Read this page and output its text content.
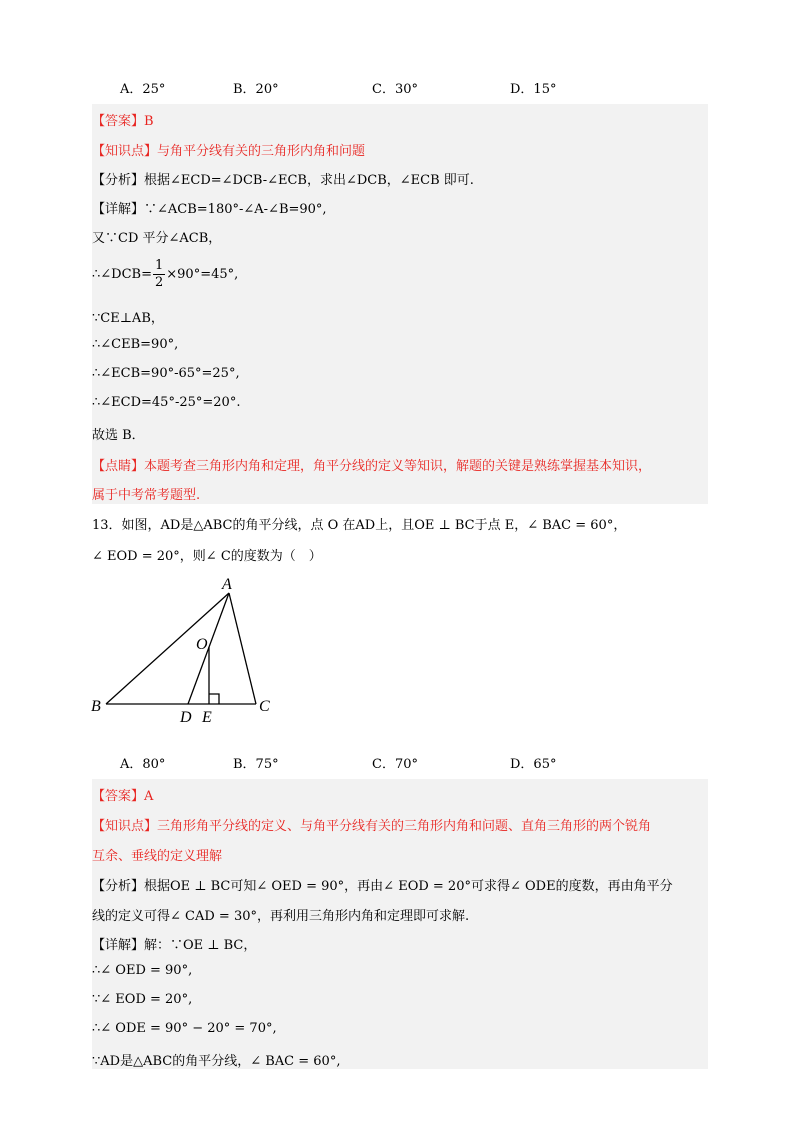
A．25°	B．20°	C．30°	D．15°
【答案】B
【知识点】与角平分线有关的三角形内角和问题
【分析】根据∠ECD=∠DCB-∠ECB，求出∠DCB，∠ECB 即可.
【详解】∵∠ACB=180°-∠A-∠B=90°,
又∵CD 平分∠ACB，
∴∠DCB= $\frac{1}{2} \times 90^\circ=45^\circ$,
∵CE⊥AB，
∴∠CEB=90°,
∴∠ECB=90°-65°=25°,
∴∠ECD=45°-25°=20°.
故选 B．
【点睛】本题考查三角形内角和定理，角平分线的定义等知识，解题的关键是熟练掌握基本知识，
属于中考常考题型.
13．如图，AD是△ABC的角平分线，点 O 在AD上，且OE ⊥ BC于点 E，∠ BAC = 60°，
∠ EOD = 20°，则∠ C的度数为（　）
A
O
B
D E
C
A．80°	B．75°	C．70°	D．65°
【答案】A
【知识点】三角形角平分线的定义、与角平分线有关的三角形内角和问题、直角三角形的两个锐角
互余、垂线的定义理解
【分析】根据OE ⊥ BC可知∠ OED = 90°，再由∠ EOD = 20°可求得∠ ODE的度数，再由角平分
线的定义可得∠ CAD = 30°，再利用三角形内角和定理即可求解.
【详解】解：∵OE ⊥ BC，
∴∠ OED = 90°,
∵∠ EOD = 20°,
∴∠ ODE = 90° − 20° = 70°,
∵AD是△ABC的角平分线，∠ BAC = 60°,
